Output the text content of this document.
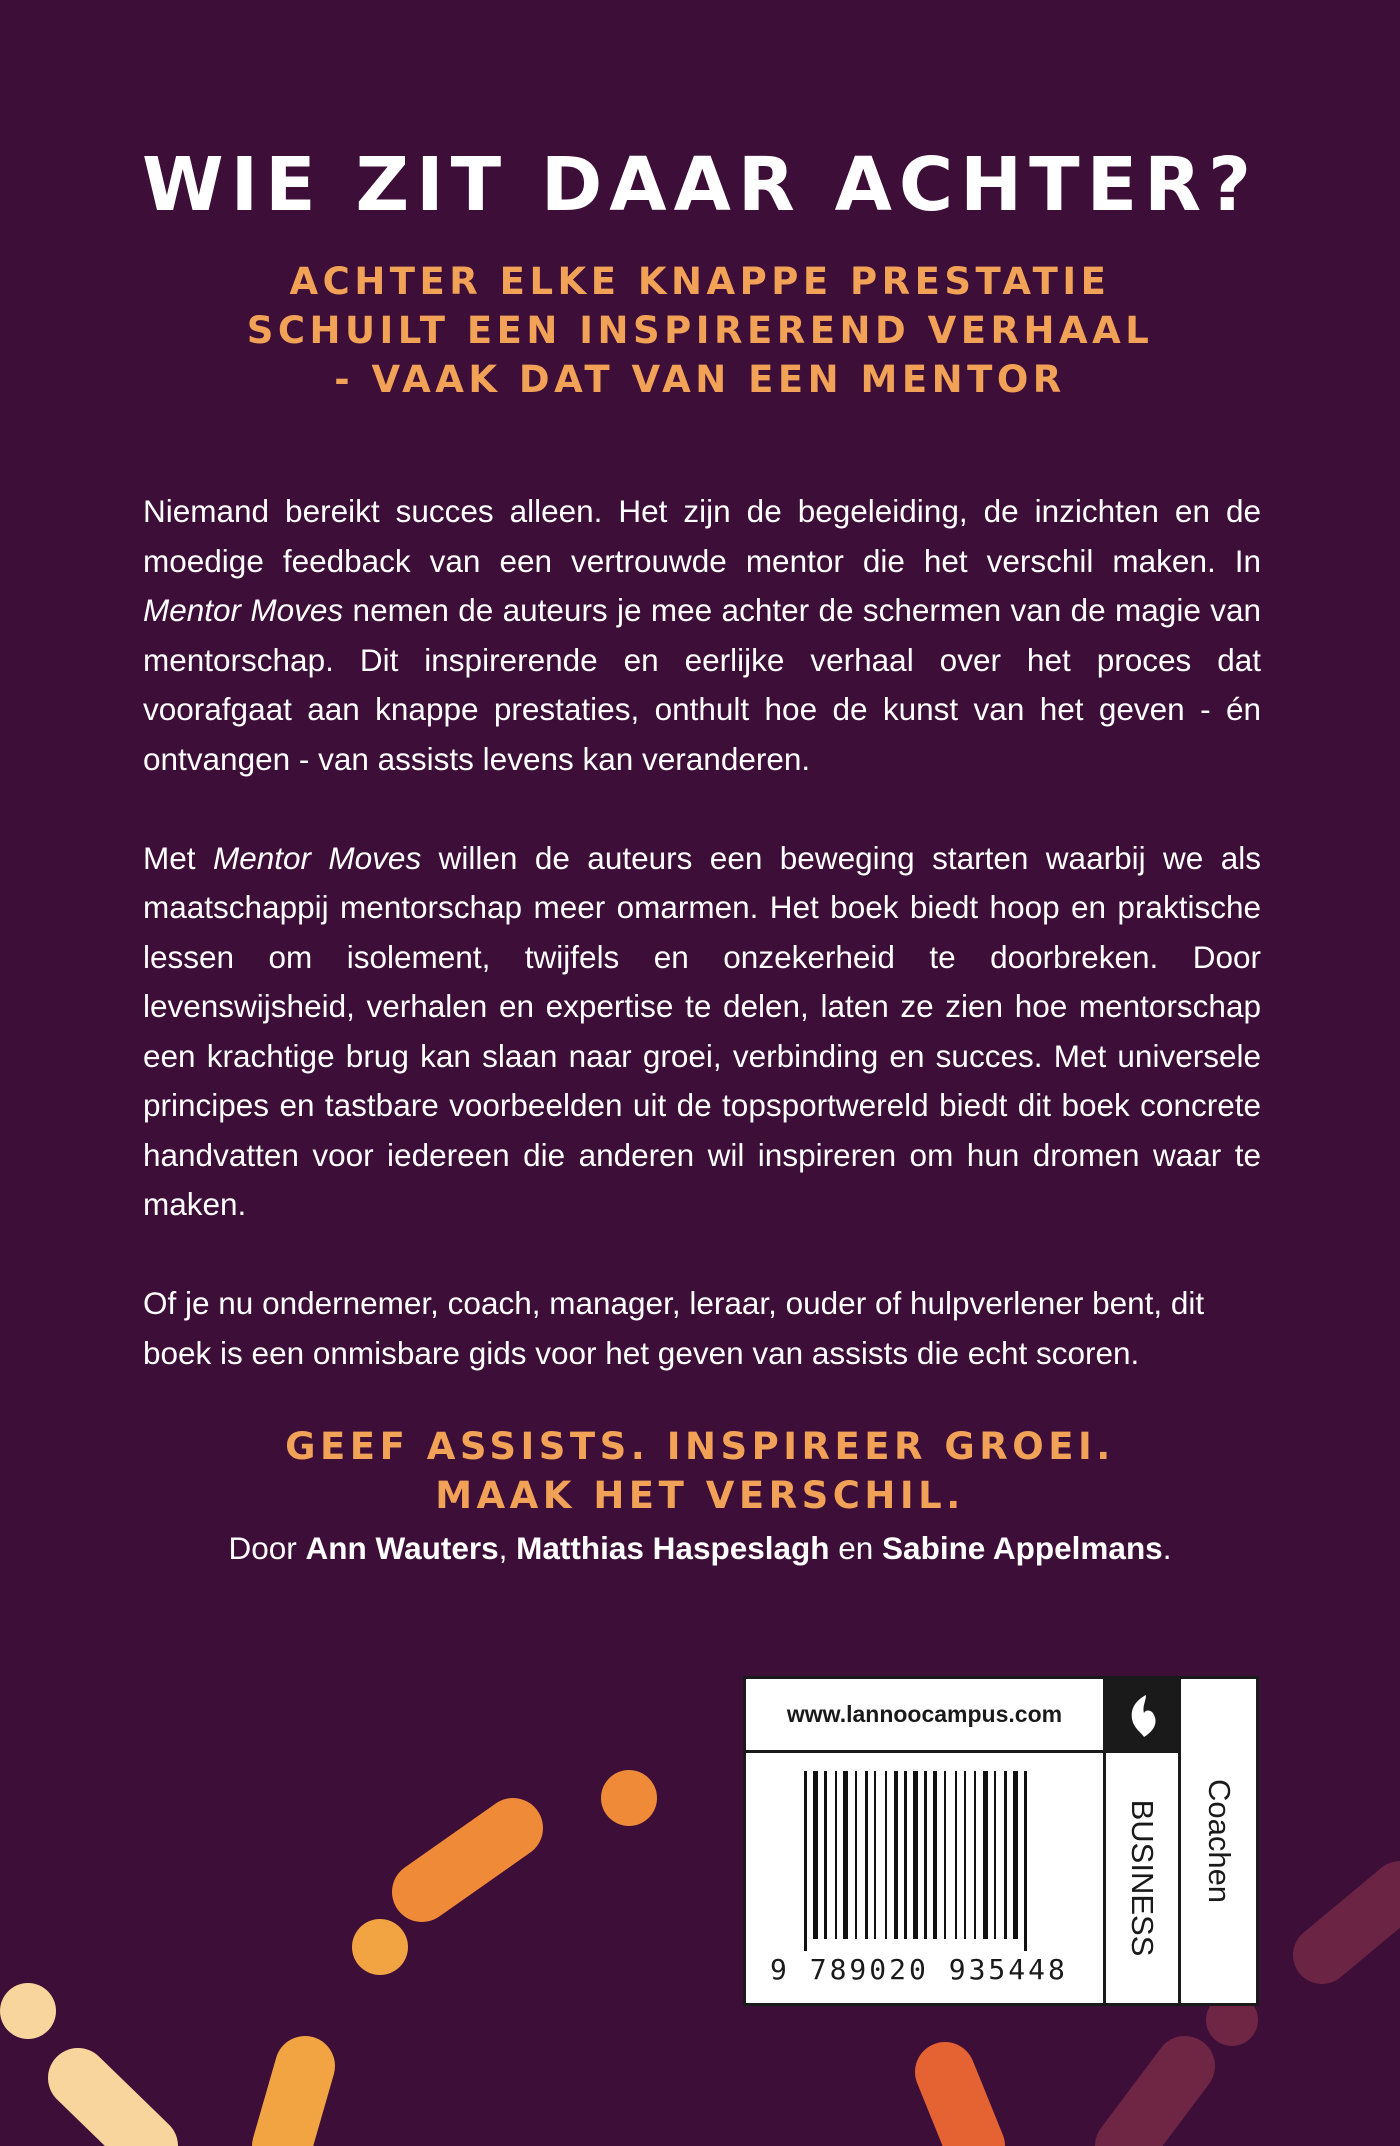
WIE ZIT DAAR ACHTER?
ACHTER ELKE KNAPPE PRESTATIE
SCHUILT EEN INSPIREREND VERHAAL
- VAAK DAT VAN EEN MENTOR

Niemand bereikt succes alleen. Het zijn de begeleiding, de inzichten en de moedige feedback van een vertrouwde mentor die het verschil maken. In Mentor Moves nemen de auteurs je mee achter de schermen van de magie van mentorschap. Dit inspirerende en eerlijke verhaal over het proces dat voorafgaat aan knappe prestaties, onthult hoe de kunst van het geven - én ontvangen - van assists levens kan veranderen.

Met Mentor Moves willen de auteurs een beweging starten waarbij we als maatschappij mentorschap meer omarmen. Het boek biedt hoop en praktische lessen om isolement, twijfels en onzekerheid te doorbreken. Door levenswijsheid, verhalen en expertise te delen, laten ze zien hoe mentorschap een krachtige brug kan slaan naar groei, verbinding en succes. Met universele principes en tastbare voorbeelden uit de topsportwereld biedt dit boek concrete handvatten voor iedereen die anderen wil inspireren om hun dromen waar te maken.

Of je nu ondernemer, coach, manager, leraar, ouder of hulpverlener bent, dit boek is een onmisbare gids voor het geven van assists die echt scoren.

GEEF ASSISTS. INSPIREER GROEI.
MAAK HET VERSCHIL.
Door Ann Wauters, Matthias Haspeslagh en Sabine Appelmans.
www.lannoocampus.com
9 789020 935448
BUSINESS Coachen
